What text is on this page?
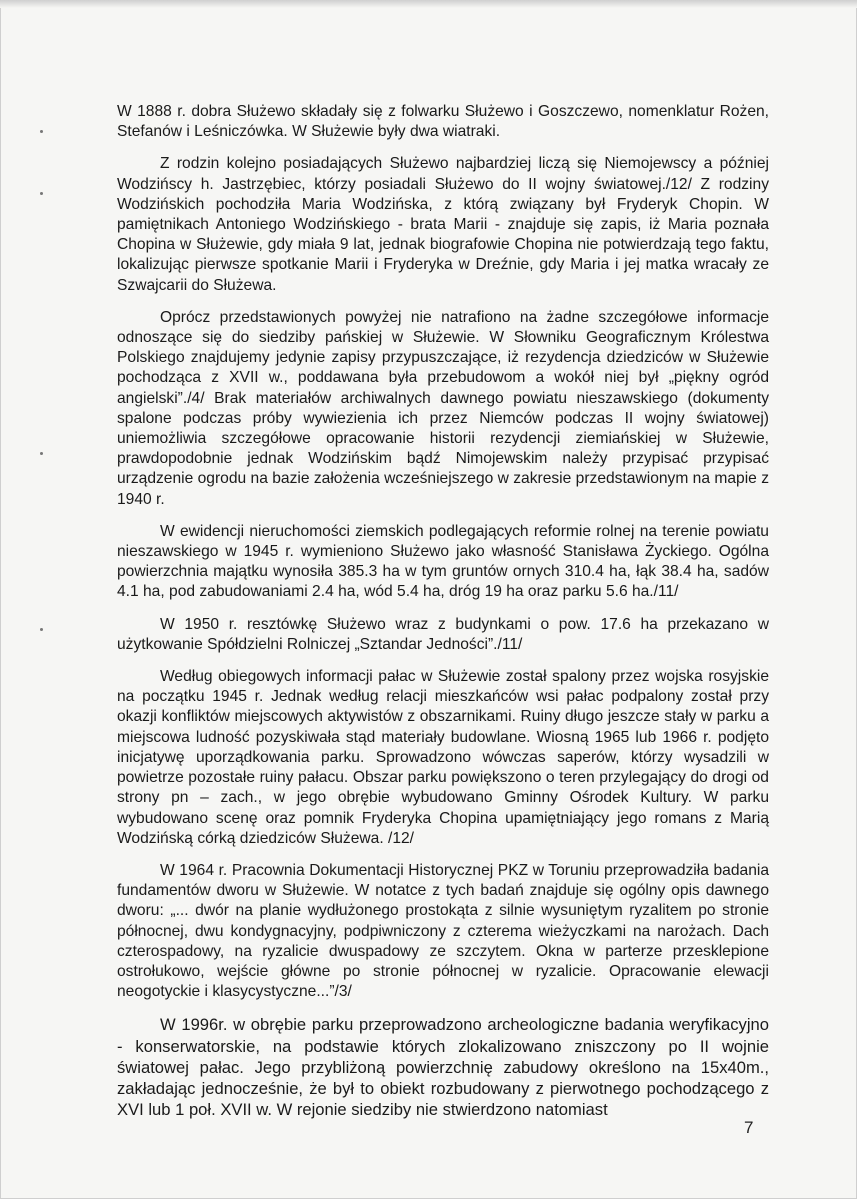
W 1888 r. dobra Służewo składały się z folwarku Służewo i Goszczewo, nomenklatur Rożen, Stefanów i Leśniczówka. W Służewie były dwa wiatraki.

Z rodzin kolejno posiadających Służewo najbardziej liczą się Niemojewscy a później Wodzińscy h. Jastrzębiec, którzy posiadali Służewo do II wojny światowej./12/ Z rodziny Wodzińskich pochodziła Maria Wodzińska, z którą związany był Fryderyk Chopin. W pamiętnikach Antoniego Wodzińskiego - brata Marii - znajduje się zapis, iż Maria poznała Chopina w Służewie, gdy miała 9 lat, jednak biografowie Chopina nie potwierdzają tego faktu, lokalizując pierwsze spotkanie Marii i Fryderyka w Dreźnie, gdy Maria i jej matka wracały ze Szwajcarii do Służewa.

Oprócz przedstawionych powyżej nie natrafiono na żadne szczegółowe informacje odnoszące się do siedziby pańskiej w Służewie. W Słowniku Geograficznym Królestwa Polskiego znajdujemy jedynie zapisy przypuszczające, iż rezydencja dziedziców w Służewie pochodząca z XVII w., poddawana była przebudowom a wokół niej był „piękny ogród angielski”./4/ Brak materiałów archiwalnych dawnego powiatu nieszawskiego (dokumenty spalone podczas próby wywiezienia ich przez Niemców podczas II wojny światowej) uniemożliwia szczegółowe opracowanie historii rezydencji ziemiańskiej w Służewie, prawdopodobnie jednak Wodzińskim bądź Nimojewskim należy przypisać przypisać urządzenie ogrodu na bazie założenia wcześniejszego w zakresie przedstawionym na mapie z 1940 r.

W ewidencji nieruchomości ziemskich podlegających reformie rolnej na terenie powiatu nieszawskiego w 1945 r. wymieniono Służewo jako własność Stanisława Życkiego. Ogólna powierzchnia majątku wynosiła 385.3 ha w tym gruntów ornych 310.4 ha, łąk 38.4 ha, sadów 4.1 ha, pod zabudowaniami 2.4 ha, wód 5.4 ha, dróg 19 ha oraz parku 5.6 ha./11/

W 1950 r. resztówkę Służewo wraz z budynkami o pow. 17.6 ha przekazano w użytkowanie Spółdzielni Rolniczej „Sztandar Jedności”./11/

Według obiegowych informacji pałac w Służewie został spalony przez wojska rosyjskie na początku 1945 r. Jednak według relacji mieszkańców wsi pałac podpalony został przy okazji konfliktów miejscowych aktywistów z obszarnikami. Ruiny długo jeszcze stały w parku a miejscowa ludność pozyskiwała stąd materiały budowlane. Wiosną 1965 lub 1966 r. podjęto inicjatywę uporządkowania parku. Sprowadzono wówczas saperów, którzy wysadzili w powietrze pozostałe ruiny pałacu. Obszar parku powiększono o teren przylegający do drogi od strony pn – zach., w jego obrębie wybudowano Gminny Ośrodek Kultury. W parku wybudowano scenę oraz pomnik Fryderyka Chopina upamiętniający jego romans z Marią Wodzińską córką dziedziców Służewa. /12/

W 1964 r. Pracownia Dokumentacji Historycznej PKZ w Toruniu przeprowadziła badania fundamentów dworu w Służewie. W notatce z tych badań znajduje się ogólny opis dawnego dworu: „... dwór na planie wydłużonego prostokąta z silnie wysuniętym ryzalitem po stronie północnej, dwu kondygnacyjny, podpiwniczony z czterema wieżyczkami na narożach. Dach czterospadowy, na ryzalicie dwuspadowy ze szczytem. Okna w parterze przesklepione ostrołukowo, wejście główne po stronie północnej w ryzalicie. Opracowanie elewacji neogotyckie i klasycystyczne...”/3/

W 1996r. w obrębie parku przeprowadzono archeologiczne badania weryfikacyjno - konserwatorskie, na podstawie których zlokalizowano zniszczony po II wojnie światowej pałac. Jego przybliżoną powierzchnię zabudowy określono na 15x40m., zakładając jednocześnie, że był to obiekt rozbudowany z pierwotnego pochodzącego z XVI lub 1 poł. XVII w. W rejonie siedziby nie stwierdzono natomiast

7
